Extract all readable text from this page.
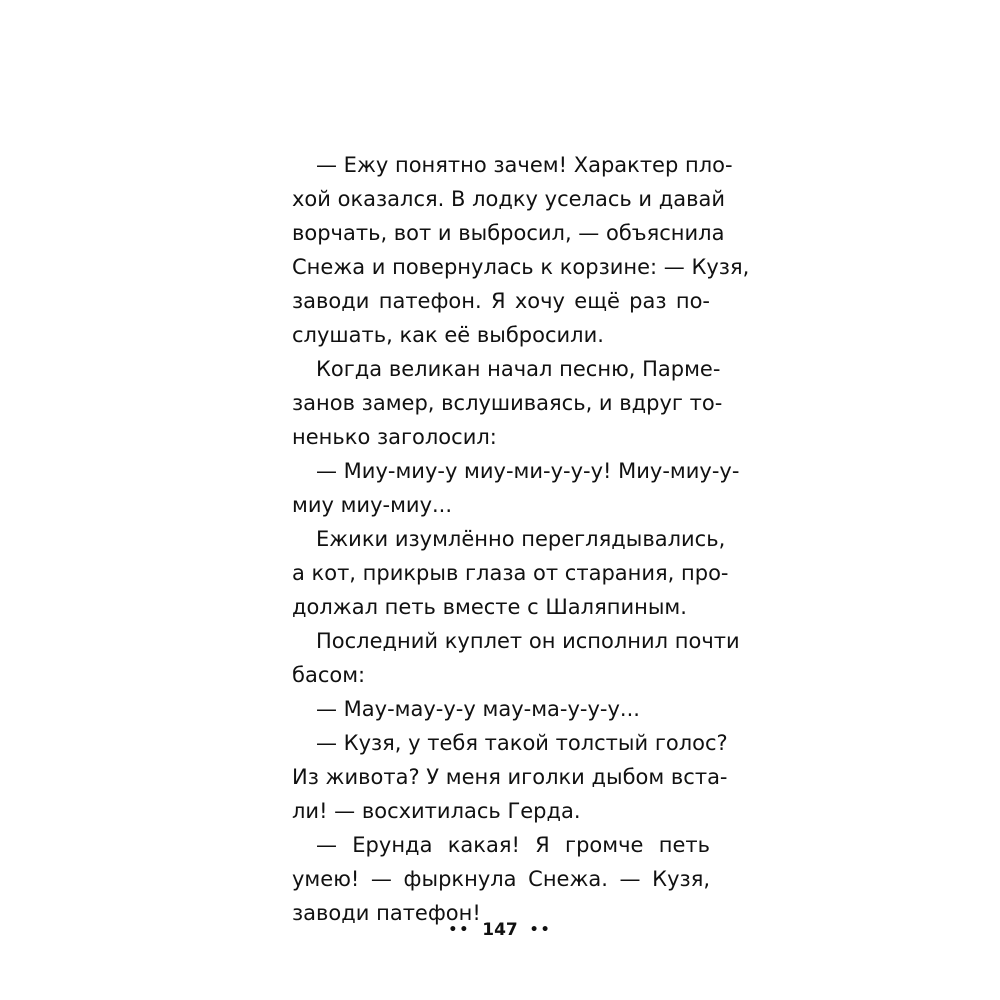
— Ежу понятно зачем! Характер пло-
хой оказался. В лодку уселась и давай
ворчать, вот и выбросил, — объяснила
Снежа и повернулась к корзине: — Кузя,
заводи патефон. Я хочу ещё раз по-
слушать, как её выбросили.
Когда великан начал песню, Парме-
занов замер, вслушиваясь, и вдруг то-
ненько заголосил:
— Миу-миу-у миу-ми-у-у-у! Миу-миу-у-
миу миу-миу...
Ежики изумлённо переглядывались,
а кот, прикрыв глаза от старания, про-
должал петь вместе с Шаляпиным.
Последний куплет он исполнил почти
басом:
— Мау-мау-у-у мау-ма-у-у-у...
— Кузя, у тебя такой толстый голос?
Из живота? У меня иголки дыбом вста-
ли! — восхитилась Герда.
— Ерунда какая! Я громче петь
умею! — фыркнула Снежа. — Кузя,
заводи патефон!
•• 147 ••
